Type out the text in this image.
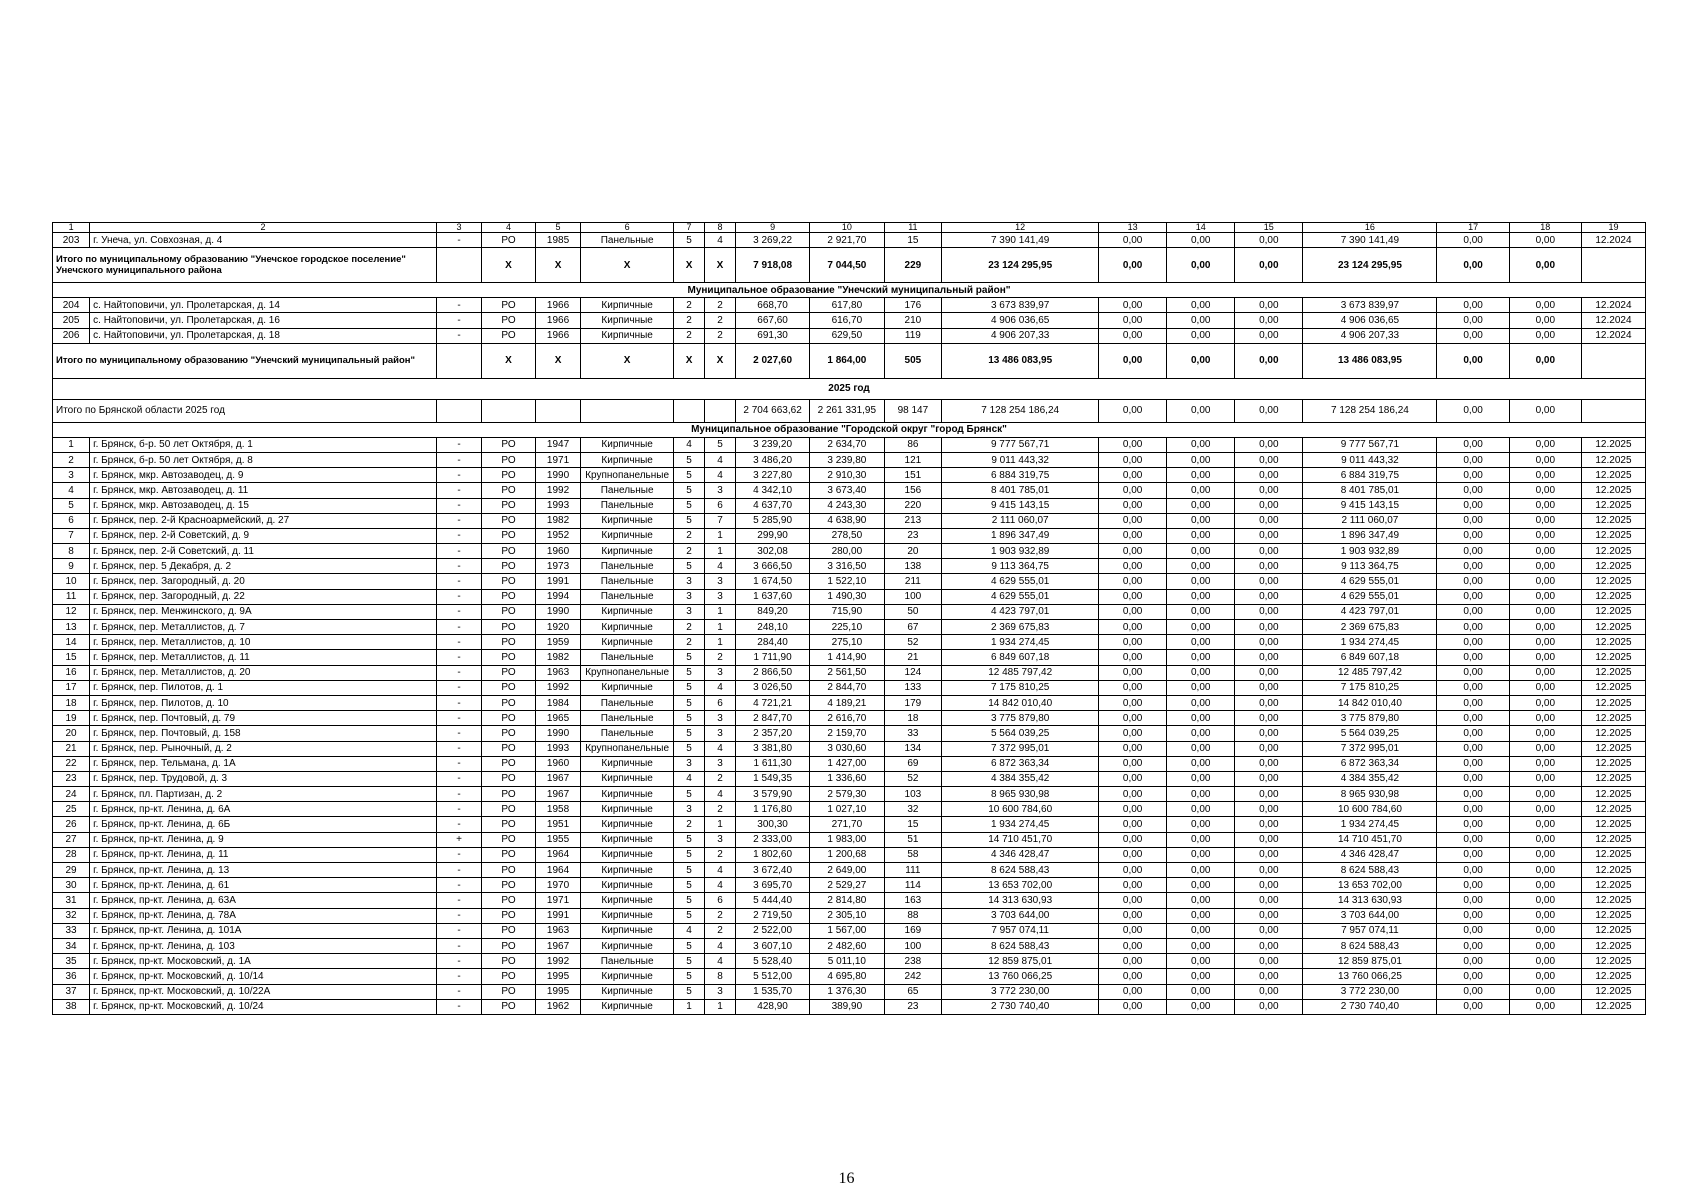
1	2	3	4	5	6	7	8	9	10	11	12	13	14	15	16	17	18	19
203	г. Унеча, ул. Совхозная, д. 4	-	РО	1985	Панельные	5	4	3 269,22	2 921,70	15	7 390 141,49	0,00	0,00	0,00	7 390 141,49	0,00	0,00	12.2024
Итого по муниципальному образованию "Унечское городское поселение" Унечского муниципального района			X	X	X	X	X	7 918,08	7 044,50	229	23 124 295,95	0,00	0,00	0,00	23 124 295,95	0,00	0,00	
Муниципальное образование "Унечский муниципальный район"																		
204	с. Найтоповичи, ул. Пролетарская, д. 14	-	РО	1966	Кирпичные	2	2	668,70	617,80	176	3 673 839,97	0,00	0,00	0,00	3 673 839,97	0,00	0,00	12.2024
205	с. Найтоповичи, ул. Пролетарская, д. 16	-	РО	1966	Кирпичные	2	2	667,60	616,70	210	4 906 036,65	0,00	0,00	0,00	4 906 036,65	0,00	0,00	12.2024
206	с. Найтоповичи, ул. Пролетарская, д. 18	-	РО	1966	Кирпичные	2	2	691,30	629,50	119	4 906 207,33	0,00	0,00	0,00	4 906 207,33	0,00	0,00	12.2024
Итого по муниципальному образованию "Унечский муниципальный район"			X	X	X	X	X	2 027,60	1 864,00	505	13 486 083,95	0,00	0,00	0,00	13 486 083,95	0,00	0,00	
2025 год																		
Итого по Брянской области 2025 год								2 704 663,62	2 261 331,95	98 147	7 128 254 186,24	0,00	0,00	0,00	7 128 254 186,24	0,00	0,00	
Муниципальное образование "Городской округ "город Брянск"																		
1	г. Брянск, б-р. 50 лет Октября, д. 1	-	РО	1947	Кирпичные	4	5	3 239,20	2 634,70	86	9 777 567,71	0,00	0,00	0,00	9 777 567,71	0,00	0,00	12.2025
2	г. Брянск, б-р. 50 лет Октября, д. 8	-	РО	1971	Кирпичные	5	4	3 486,20	3 239,80	121	9 011 443,32	0,00	0,00	0,00	9 011 443,32	0,00	0,00	12.2025
3	г. Брянск, мкр. Автозаводец, д. 9	-	РО	1990	Крупнопанельные	5	4	3 227,80	2 910,30	151	6 884 319,75	0,00	0,00	0,00	6 884 319,75	0,00	0,00	12.2025
4	г. Брянск, мкр. Автозаводец, д. 11	-	РО	1992	Панельные	5	3	4 342,10	3 673,40	156	8 401 785,01	0,00	0,00	0,00	8 401 785,01	0,00	0,00	12.2025
5	г. Брянск, мкр. Автозаводец, д. 15	-	РО	1993	Панельные	5	6	4 637,70	4 243,30	220	9 415 143,15	0,00	0,00	0,00	9 415 143,15	0,00	0,00	12.2025
6	г. Брянск, пер. 2-й Красноармейский, д. 27	-	РО	1982	Кирпичные	5	7	5 285,90	4 638,90	213	2 111 060,07	0,00	0,00	0,00	2 111 060,07	0,00	0,00	12.2025
7	г. Брянск, пер. 2-й Советский, д. 9	-	РО	1952	Кирпичные	2	1	299,90	278,50	23	1 896 347,49	0,00	0,00	0,00	1 896 347,49	0,00	0,00	12.2025
8	г. Брянск, пер. 2-й Советский, д. 11	-	РО	1960	Кирпичные	2	1	302,08	280,00	20	1 903 932,89	0,00	0,00	0,00	1 903 932,89	0,00	0,00	12.2025
9	г. Брянск, пер. 5 Декабря, д. 2	-	РО	1973	Панельные	5	4	3 666,50	3 316,50	138	9 113 364,75	0,00	0,00	0,00	9 113 364,75	0,00	0,00	12.2025
10	г. Брянск, пер. Загородный, д. 20	-	РО	1991	Панельные	3	3	1 674,50	1 522,10	211	4 629 555,01	0,00	0,00	0,00	4 629 555,01	0,00	0,00	12.2025
11	г. Брянск, пер. Загородный, д. 22	-	РО	1994	Панельные	3	3	1 637,60	1 490,30	100	4 629 555,01	0,00	0,00	0,00	4 629 555,01	0,00	0,00	12.2025
12	г. Брянск, пер. Менжинского, д. 9А	-	РО	1990	Кирпичные	3	1	849,20	715,90	50	4 423 797,01	0,00	0,00	0,00	4 423 797,01	0,00	0,00	12.2025
13	г. Брянск, пер. Металлистов, д. 7	-	РО	1920	Кирпичные	2	1	248,10	225,10	67	2 369 675,83	0,00	0,00	0,00	2 369 675,83	0,00	0,00	12.2025
14	г. Брянск, пер. Металлистов, д. 10	-	РО	1959	Кирпичные	2	1	284,40	275,10	52	1 934 274,45	0,00	0,00	0,00	1 934 274,45	0,00	0,00	12.2025
15	г. Брянск, пер. Металлистов, д. 11	-	РО	1982	Панельные	5	2	1 711,90	1 414,90	21	6 849 607,18	0,00	0,00	0,00	6 849 607,18	0,00	0,00	12.2025
16	г. Брянск, пер. Металлистов, д. 20	-	РО	1963	Крупнопанельные	5	3	2 866,50	2 561,50	124	12 485 797,42	0,00	0,00	0,00	12 485 797,42	0,00	0,00	12.2025
17	г. Брянск, пер. Пилотов, д. 1	-	РО	1992	Кирпичные	5	4	3 026,50	2 844,70	133	7 175 810,25	0,00	0,00	0,00	7 175 810,25	0,00	0,00	12.2025
18	г. Брянск, пер. Пилотов, д. 10	-	РО	1984	Панельные	5	6	4 721,21	4 189,21	179	14 842 010,40	0,00	0,00	0,00	14 842 010,40	0,00	0,00	12.2025
19	г. Брянск, пер. Почтовый, д. 79	-	РО	1965	Панельные	5	3	2 847,70	2 616,70	18	3 775 879,80	0,00	0,00	0,00	3 775 879,80	0,00	0,00	12.2025
20	г. Брянск, пер. Почтовый, д. 158	-	РО	1990	Панельные	5	3	2 357,20	2 159,70	33	5 564 039,25	0,00	0,00	0,00	5 564 039,25	0,00	0,00	12.2025
21	г. Брянск, пер. Рыночный, д. 2	-	РО	1993	Крупнопанельные	5	4	3 381,80	3 030,60	134	7 372 995,01	0,00	0,00	0,00	7 372 995,01	0,00	0,00	12.2025
22	г. Брянск, пер. Тельмана, д. 1А	-	РО	1960	Кирпичные	3	3	1 611,30	1 427,00	69	6 872 363,34	0,00	0,00	0,00	6 872 363,34	0,00	0,00	12.2025
23	г. Брянск, пер. Трудовой, д. 3	-	РО	1967	Кирпичные	4	2	1 549,35	1 336,60	52	4 384 355,42	0,00	0,00	0,00	4 384 355,42	0,00	0,00	12.2025
24	г. Брянск, пл. Партизан, д. 2	-	РО	1967	Кирпичные	5	4	3 579,90	2 579,30	103	8 965 930,98	0,00	0,00	0,00	8 965 930,98	0,00	0,00	12.2025
25	г. Брянск, пр-кт. Ленина, д. 6А	-	РО	1958	Кирпичные	3	2	1 176,80	1 027,10	32	10 600 784,60	0,00	0,00	0,00	10 600 784,60	0,00	0,00	12.2025
26	г. Брянск, пр-кт. Ленина, д. 6Б	-	РО	1951	Кирпичные	2	1	300,30	271,70	15	1 934 274,45	0,00	0,00	0,00	1 934 274,45	0,00	0,00	12.2025
27	г. Брянск, пр-кт. Ленина, д. 9	+	РО	1955	Кирпичные	5	3	2 333,00	1 983,00	51	14 710 451,70	0,00	0,00	0,00	14 710 451,70	0,00	0,00	12.2025
28	г. Брянск, пр-кт. Ленина, д. 11	-	РО	1964	Кирпичные	5	2	1 802,60	1 200,68	58	4 346 428,47	0,00	0,00	0,00	4 346 428,47	0,00	0,00	12.2025
29	г. Брянск, пр-кт. Ленина, д. 13	-	РО	1964	Кирпичные	5	4	3 672,40	2 649,00	111	8 624 588,43	0,00	0,00	0,00	8 624 588,43	0,00	0,00	12.2025
30	г. Брянск, пр-кт. Ленина, д. 61	-	РО	1970	Кирпичные	5	4	3 695,70	2 529,27	114	13 653 702,00	0,00	0,00	0,00	13 653 702,00	0,00	0,00	12.2025
31	г. Брянск, пр-кт. Ленина, д. 63А	-	РО	1971	Кирпичные	5	6	5 444,40	2 814,80	163	14 313 630,93	0,00	0,00	0,00	14 313 630,93	0,00	0,00	12.2025
32	г. Брянск, пр-кт. Ленина, д. 78А	-	РО	1991	Кирпичные	5	2	2 719,50	2 305,10	88	3 703 644,00	0,00	0,00	0,00	3 703 644,00	0,00	0,00	12.2025
33	г. Брянск, пр-кт. Ленина, д. 101А	-	РО	1963	Кирпичные	4	2	2 522,00	1 567,00	169	7 957 074,11	0,00	0,00	0,00	7 957 074,11	0,00	0,00	12.2025
34	г. Брянск, пр-кт. Ленина, д. 103	-	РО	1967	Кирпичные	5	4	3 607,10	2 482,60	100	8 624 588,43	0,00	0,00	0,00	8 624 588,43	0,00	0,00	12.2025
35	г. Брянск, пр-кт. Московский, д. 1А	-	РО	1992	Панельные	5	4	5 528,40	5 011,10	238	12 859 875,01	0,00	0,00	0,00	12 859 875,01	0,00	0,00	12.2025
36	г. Брянск, пр-кт. Московский, д. 10/14	-	РО	1995	Кирпичные	5	8	5 512,00	4 695,80	242	13 760 066,25	0,00	0,00	0,00	13 760 066,25	0,00	0,00	12.2025
37	г. Брянск, пр-кт. Московский, д. 10/22А	-	РО	1995	Кирпичные	5	3	1 535,70	1 376,30	65	3 772 230,00	0,00	0,00	0,00	3 772 230,00	0,00	0,00	12.2025
38	г. Брянск, пр-кт. Московский, д. 10/24	-	РО	1962	Кирпичные	1	1	428,90	389,90	23	2 730 740,40	0,00	0,00	0,00	2 730 740,40	0,00	0,00	12.2025
16
